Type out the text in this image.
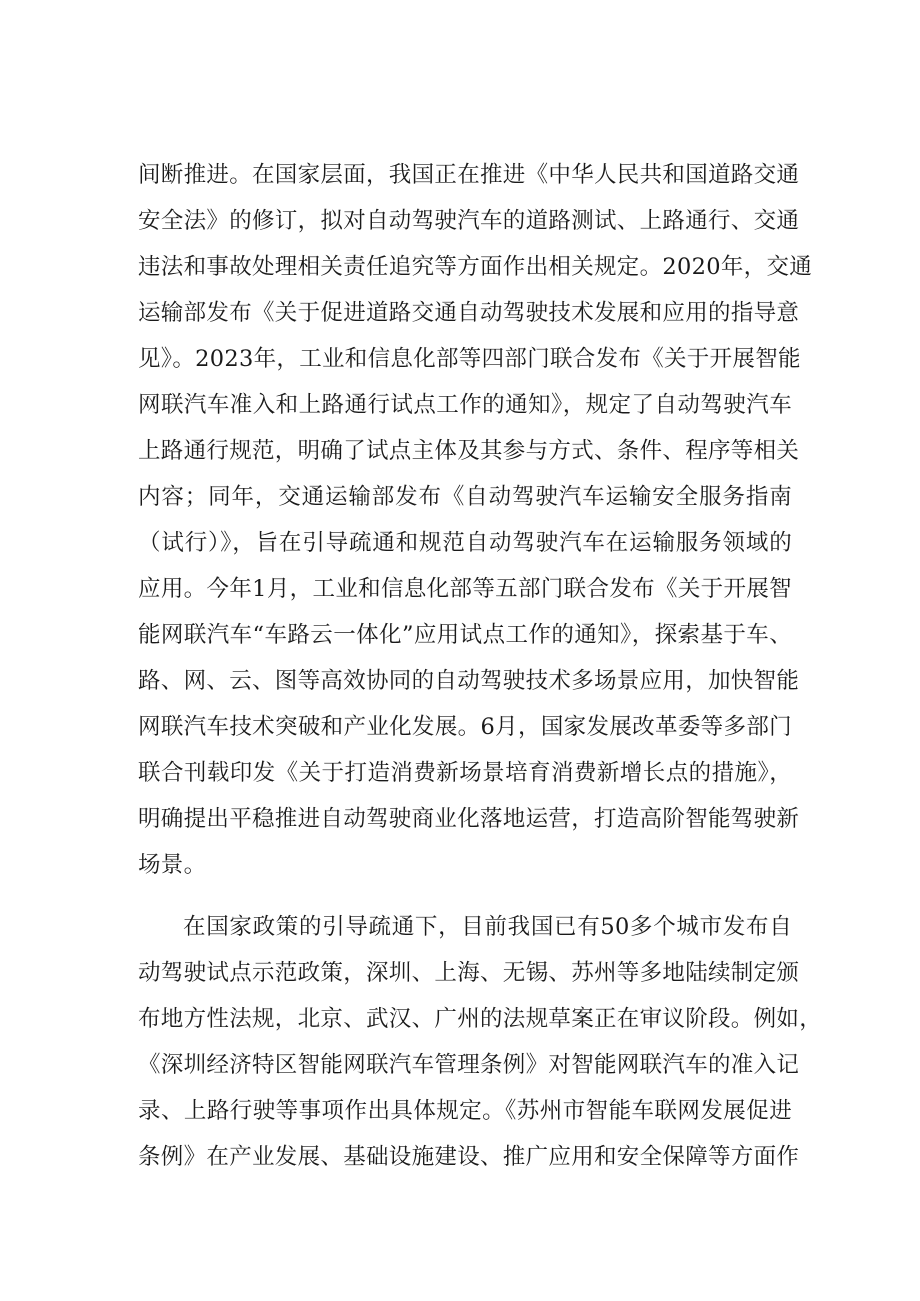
间断推进。在国家层面，我国正在推进《中华人民共和国道路交通
安全法》的修订，拟对自动驾驶汽车的道路测试、上路通行、交通
违法和事故处理相关责任追究等方面作出相关规定。2020年，交通
运输部发布《关于促进道路交通自动驾驶技术发展和应用的指导意
见》。2023年，工业和信息化部等四部门联合发布《关于开展智能
网联汽车准入和上路通行试点工作的通知》，规定了自动驾驶汽车
上路通行规范，明确了试点主体及其参与方式、条件、程序等相关
内容；同年，交通运输部发布《自动驾驶汽车运输安全服务指南
（试行）》，旨在引导疏通和规范自动驾驶汽车在运输服务领域的
应用。今年1月，工业和信息化部等五部门联合发布《关于开展智
能网联汽车“车路云一体化”应用试点工作的通知》，探索基于车、
路、网、云、图等高效协同的自动驾驶技术多场景应用，加快智能
网联汽车技术突破和产业化发展。6月，国家发展改革委等多部门
联合刊载印发《关于打造消费新场景培育消费新增长点的措施》，
明确提出平稳推进自动驾驶商业化落地运营，打造高阶智能驾驶新
场景。
在国家政策的引导疏通下，目前我国已有50多个城市发布自
动驾驶试点示范政策，深圳、上海、无锡、苏州等多地陆续制定颁
布地方性法规，北京、武汉、广州的法规草案正在审议阶段。例如，
《深圳经济特区智能网联汽车管理条例》对智能网联汽车的准入记
录、上路行驶等事项作出具体规定。《苏州市智能车联网发展促进
条例》在产业发展、基础设施建设、推广应用和安全保障等方面作
